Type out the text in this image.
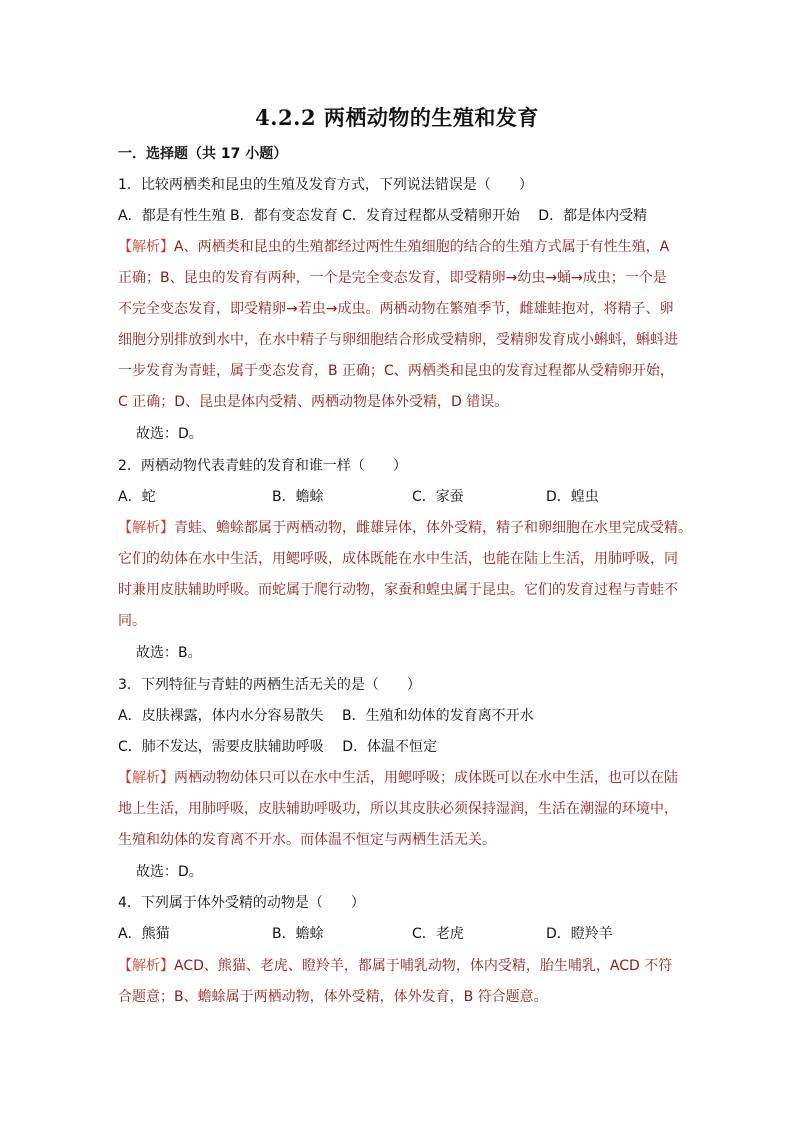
4.2.2 两栖动物的生殖和发育
一．选择题（共 17 小题）
1．比较两栖类和昆虫的生殖及发育方式，下列说法错误是（　　）
A．都是有性生殖 B．都有变态发育 C．发育过程都从受精卵开始　 D．都是体内受精
【解析】A、两栖类和昆虫的生殖都经过两性生殖细胞的结合的生殖方式属于有性生殖，A
正确；B、昆虫的发育有两种，一个是完全变态发育，即受精卵→幼虫→蛹→成虫；一个是
不完全变态发育，即受精卵→若虫→成虫。两栖动物在繁殖季节，雌雄蛙抱对，将精子、卵
细胞分别排放到水中，在水中精子与卵细胞结合形成受精卵，受精卵发育成小蝌蚪，蝌蚪进
一步发育为青蛙，属于变态发育，B 正确；C、两栖类和昆虫的发育过程都从受精卵开始，
C 正确；D、昆虫是体内受精、两栖动物是体外受精，D 错误。
故选：D。
2．两栖动物代表青蛙的发育和谁一样（　　）
A．蛇	B．蟾蜍	C．家蚕	D．蝗虫
【解析】青蛙、蟾蜍都属于两栖动物，雌雄异体，体外受精，精子和卵细胞在水里完成受精。
它们的幼体在水中生活，用鳃呼吸，成体既能在水中生活，也能在陆上生活，用肺呼吸，同
时兼用皮肤辅助呼吸。而蛇属于爬行动物，家蚕和蝗虫属于昆虫。它们的发育过程与青蛙不
同。
故选：B。
3．下列特征与青蛙的两栖生活无关的是（　　）
A．皮肤裸露，体内水分容易散失　 B．生殖和幼体的发育离不开水
C．肺不发达，需要皮肤辅助呼吸　 D．体温不恒定
【解析】两栖动物幼体只可以在水中生活，用鳃呼吸；成体既可以在水中生活，也可以在陆
地上生活，用肺呼吸，皮肤辅助呼吸功，所以其皮肤必须保持湿润，生活在潮湿的环境中，
生殖和幼体的发育离不开水。而体温不恒定与两栖生活无关。
故选：D。
4．下列属于体外受精的动物是（　　）
A．熊猫	B．蟾蜍	C．老虎	D．瞪羚羊
【解析】ACD、熊猫、老虎、瞪羚羊，都属于哺乳动物，体内受精，胎生哺乳，ACD 不符
合题意；B、蟾蜍属于两栖动物，体外受精，体外发育，B 符合题意。
